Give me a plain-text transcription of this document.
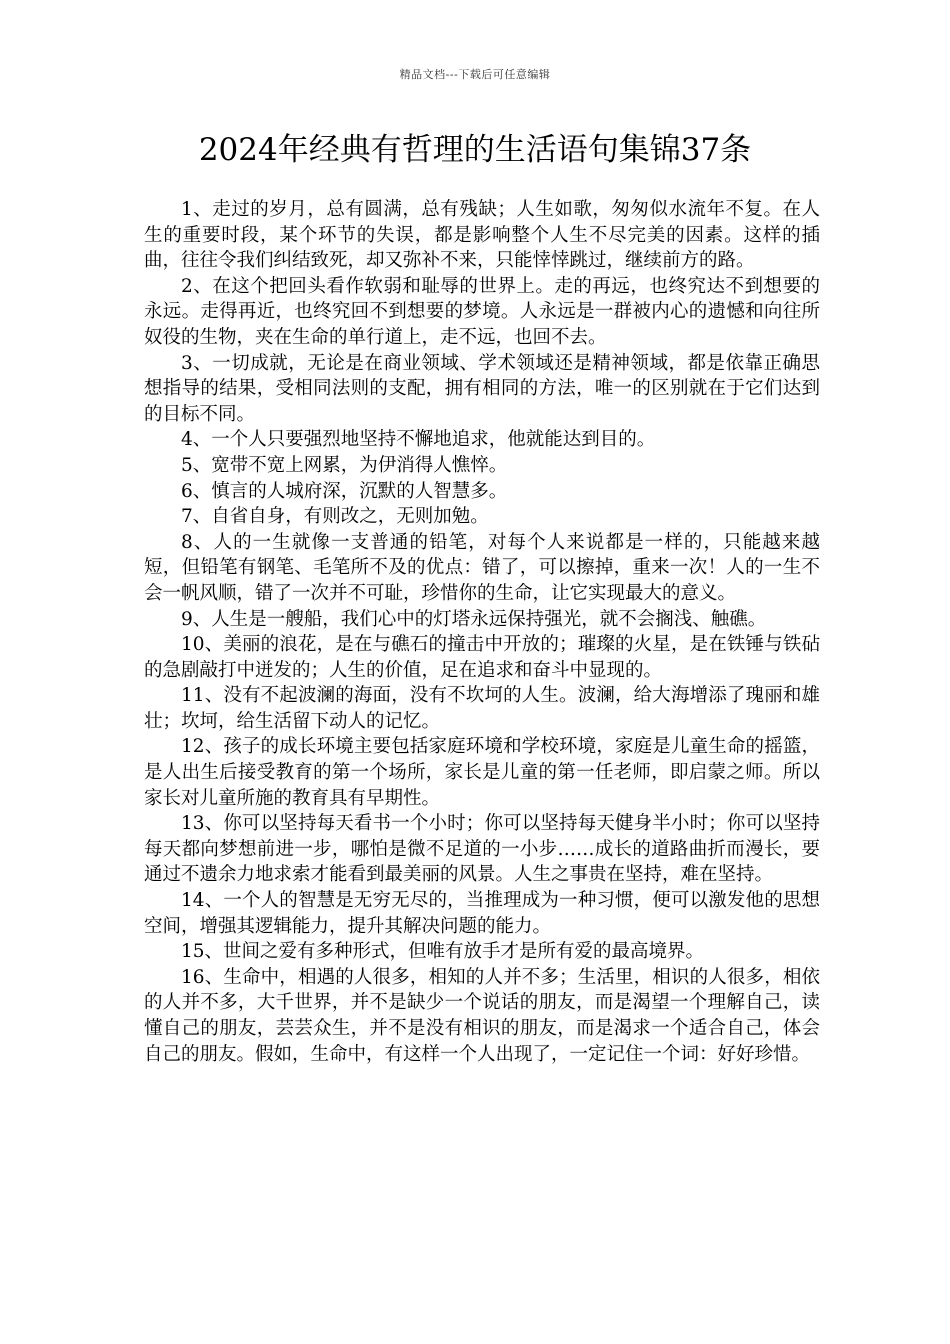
精品文档---下载后可任意编辑
2024年经典有哲理的生活语句集锦37条

1、走过的岁月，总有圆满，总有残缺；人生如歌，匆匆似水流年不复。在人生的重要时段，某个环节的失误，都是影响整个人生不尽完美的因素。这样的插曲，往往令我们纠结致死，却又弥补不来，只能悻悻跳过，继续前方的路。

2、在这个把回头看作软弱和耻辱的世界上。走的再远，也终究达不到想要的永远。走得再近，也终究回不到想要的梦境。人永远是一群被内心的遗憾和向往所奴役的生物，夹在生命的单行道上，走不远，也回不去。

3、一切成就，无论是在商业领域、学术领域还是精神领域，都是依靠正确思想指导的结果，受相同法则的支配，拥有相同的方法，唯一的区别就在于它们达到的目标不同。

4、一个人只要强烈地坚持不懈地追求，他就能达到目的。

5、宽带不宽上网累，为伊消得人憔悴。

6、慎言的人城府深，沉默的人智慧多。

7、自省自身，有则改之，无则加勉。

8、人的一生就像一支普通的铅笔，对每个人来说都是一样的，只能越来越短，但铅笔有钢笔、毛笔所不及的优点：错了，可以擦掉，重来一次！人的一生不会一帆风顺，错了一次并不可耻，珍惜你的生命，让它实现最大的意义。

9、人生是一艘船，我们心中的灯塔永远保持强光，就不会搁浅、触礁。

10、美丽的浪花，是在与礁石的撞击中开放的；璀璨的火星，是在铁锤与铁砧的急剧敲打中迸发的；人生的价值，足在追求和奋斗中显现的。

11、没有不起波澜的海面，没有不坎坷的人生。波澜，给大海增添了瑰丽和雄壮；坎坷，给生活留下动人的记忆。

12、孩子的成长环境主要包括家庭环境和学校环境，家庭是儿童生命的摇篮，是人出生后接受教育的第一个场所，家长是儿童的第一任老师，即启蒙之师。所以家长对儿童所施的教育具有早期性。

13、你可以坚持每天看书一个小时；你可以坚持每天健身半小时；你可以坚持每天都向梦想前进一步，哪怕是微不足道的一小步……成长的道路曲折而漫长，要通过不遗余力地求索才能看到最美丽的风景。人生之事贵在坚持，难在坚持。

14、一个人的智慧是无穷无尽的，当推理成为一种习惯，便可以激发他的思想空间，增强其逻辑能力，提升其解决问题的能力。

15、世间之爱有多种形式，但唯有放手才是所有爱的最高境界。

16、生命中，相遇的人很多，相知的人并不多；生活里，相识的人很多，相依的人并不多，大千世界，并不是缺少一个说话的朋友，而是渴望一个理解自己，读懂自己的朋友，芸芸众生，并不是没有相识的朋友，而是渴求一个适合自己，体会自己的朋友。假如，生命中，有这样一个人出现了，一定记住一个词：好好珍惜。
